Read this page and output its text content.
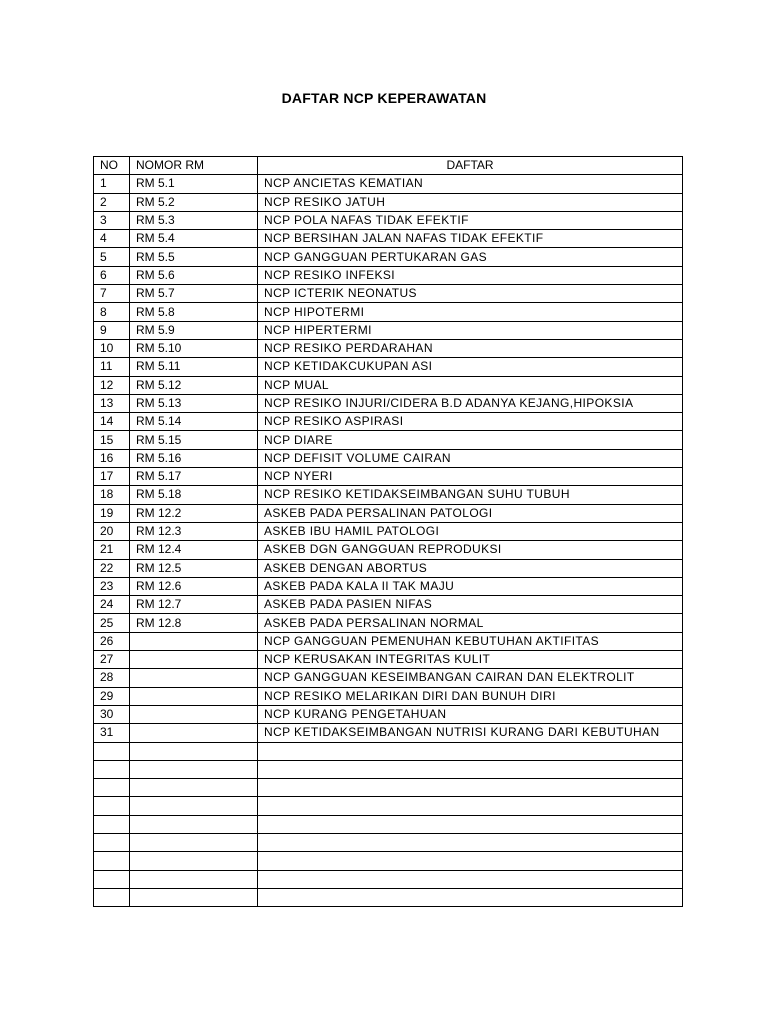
DAFTAR NCP KEPERAWATAN
NO	NOMOR RM	DAFTAR
1	RM 5.1	NCP ANCIETAS KEMATIAN
2	RM 5.2	NCP RESIKO JATUH
3	RM 5.3	NCP POLA NAFAS TIDAK EFEKTIF
4	RM 5.4	NCP BERSIHAN JALAN NAFAS TIDAK EFEKTIF
5	RM 5.5	NCP GANGGUAN PERTUKARAN GAS
6	RM 5.6	NCP RESIKO INFEKSI
7	RM 5.7	NCP ICTERIK NEONATUS
8	RM 5.8	NCP HIPOTERMI
9	RM 5.9	NCP HIPERTERMI
10	RM 5.10	NCP RESIKO PERDARAHAN
11	RM 5.11	NCP KETIDAKCUKUPAN ASI
12	RM 5.12	NCP MUAL
13	RM 5.13	NCP RESIKO INJURI/CIDERA B.D ADANYA KEJANG,HIPOKSIA
14	RM 5.14	NCP RESIKO ASPIRASI
15	RM 5.15	NCP DIARE
16	RM 5.16	NCP DEFISIT VOLUME CAIRAN
17	RM 5.17	NCP NYERI
18	RM 5.18	NCP RESIKO KETIDAKSEIMBANGAN SUHU TUBUH
19	RM 12.2	ASKEB PADA PERSALINAN PATOLOGI
20	RM 12.3	ASKEB IBU HAMIL PATOLOGI
21	RM 12.4	ASKEB DGN GANGGUAN REPRODUKSI
22	RM 12.5	ASKEB DENGAN ABORTUS
23	RM 12.6	ASKEB PADA KALA II TAK MAJU
24	RM 12.7	ASKEB PADA PASIEN NIFAS
25	RM 12.8	ASKEB PADA PERSALINAN NORMAL
26		NCP GANGGUAN PEMENUHAN KEBUTUHAN AKTIFITAS
27		NCP KERUSAKAN INTEGRITAS KULIT
28		NCP GANGGUAN KESEIMBANGAN CAIRAN DAN ELEKTROLIT
29		NCP RESIKO MELARIKAN DIRI DAN BUNUH DIRI
30		NCP KURANG PENGETAHUAN
31		NCP KETIDAKSEIMBANGAN NUTRISI KURANG DARI KEBUTUHAN
